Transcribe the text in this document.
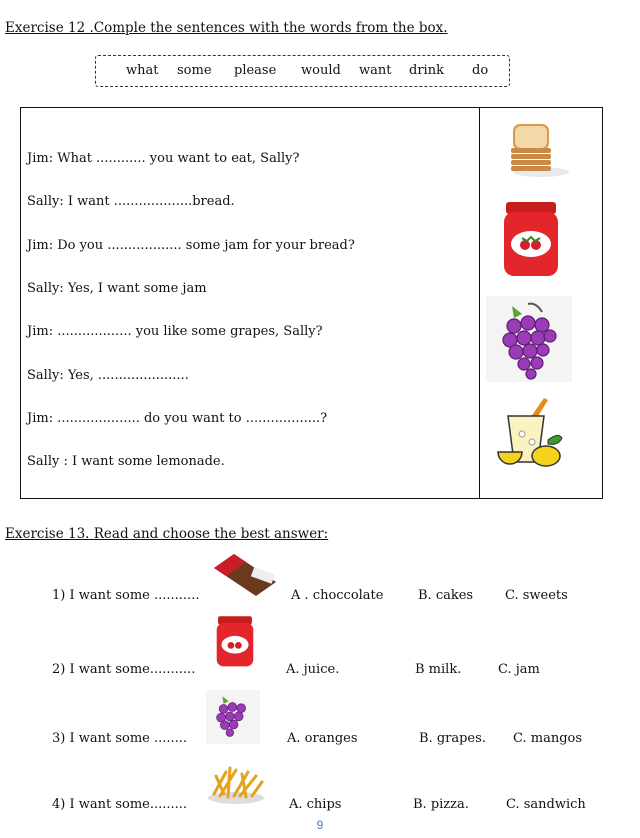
Exercise 12 .Comple the sentences with the words from the box.
what some please would want drink do
Jim: What ............ you want to eat, Sally?
Sally: I want ...................bread.
Jim: Do you .................. some jam for your bread?
Sally: Yes, I want some jam
Jim: .................. you like some grapes, Sally?
Sally: Yes, ......................
Jim: .................... do you want to ..................?
Sally : I want some lemonade.
Exercise 13. Read and choose the best answer:
1) I want some ...........	A . choccolate	B. cakes C. sweets
2) I want some...........	A. juice.	B milk.	C. jam
3) I want some ........	A. oranges	B. grapes. C. mangos
4) I want some.........	A. chips	B. pizza.	C. sandwich
9
